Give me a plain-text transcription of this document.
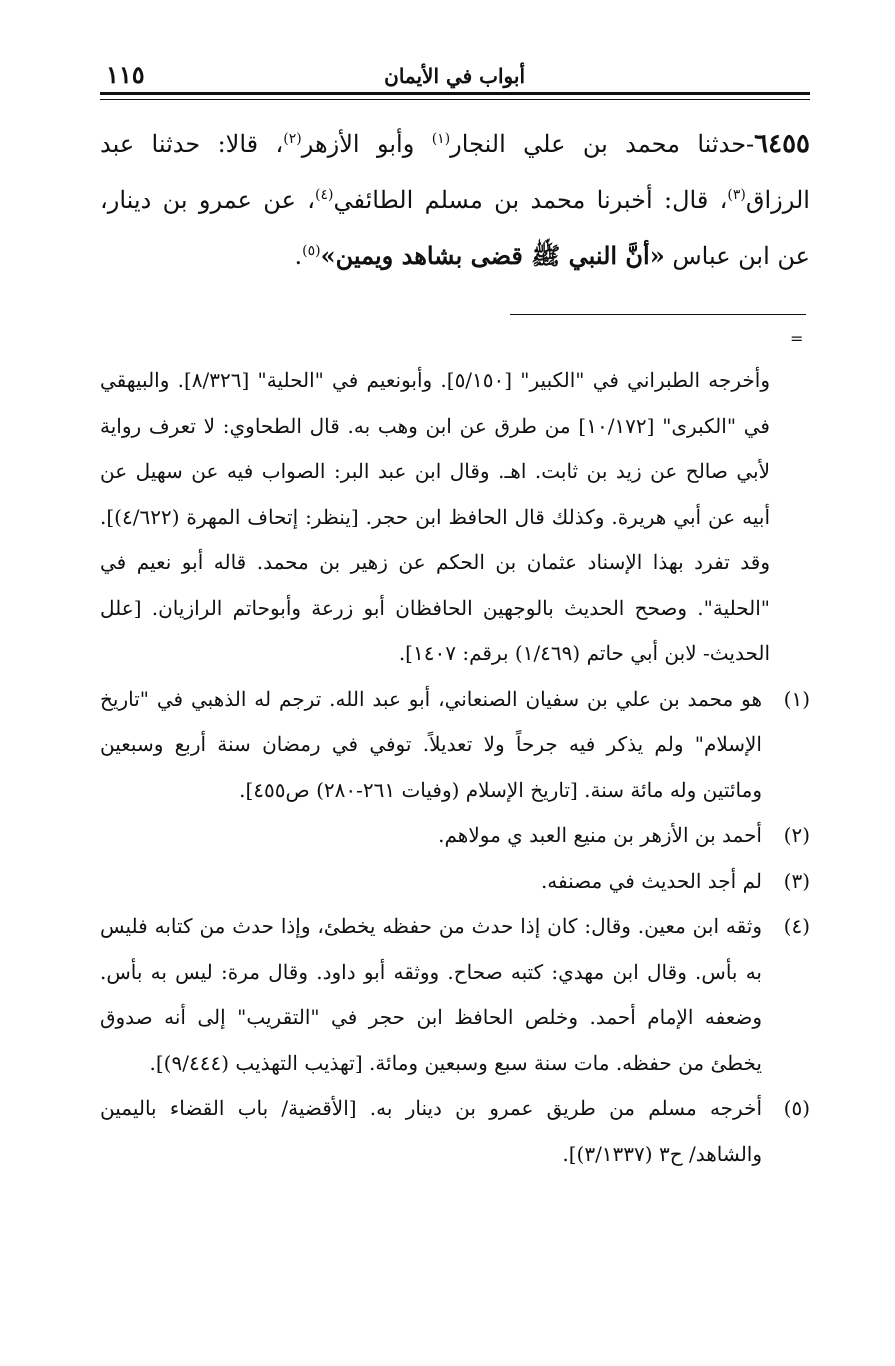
أبواب في الأيمان
١١٥
٦٤٥٥-حدثنا محمد بن علي النجار$^{(١)}$ وأبو الأزهر$^{(٢)}$، قالا: حدثنا عبد الرزاق$^{(٣)}$، قال: أخبرنا محمد بن مسلم الطائفي$^{(٤)}$، عن عمرو بن دينار، عن ابن عباس «أنَّ النبي ﷺ قضى بشاهد ويمين»$^{(٥)}$.
=

وأخرجه الطبراني في "الكبير" [٥/١٥٠]. وأبونعيم في "الحلية" [٨/٣٢٦]. والبيهقي في "الكبرى" [١٠/١٧٢] من طرق عن ابن وهب به. قال الطحاوي: لا تعرف رواية لأبي صالح عن زيد بن ثابت. اهـ. وقال ابن عبد البر: الصواب فيه عن سهيل عن أبيه عن أبي هريرة. وكذلك قال الحافظ ابن حجر. [ينظر: إتحاف المهرة (٤/٦٢٢)]. وقد تفرد بهذا الإسناد عثمان بن الحكم عن زهير بن محمد. قاله أبو نعيم في "الحلية". وصحح الحديث بالوجهين الحافظان أبو زرعة وأبوحاتم الرازيان. [علل الحديث- لابن أبي حاتم (١/٤٦٩) برقم: ١٤٠٧].

(١)
هو محمد بن علي بن سفيان الصنعاني، أبو عبد الله. ترجم له الذهبي في "تاريخ الإسلام" ولم يذكر فيه جرحاً ولا تعديلاً. توفي في رمضان سنة أربع وسبعين ومائتين وله مائة سنة. [تاريخ الإسلام (وفيات ٢٦١-٢٨٠) ص٤٥٥].
(٢)
أحمد بن الأزهر بن منيع العبد ي مولاهم.
(٣)
لم أجد الحديث في مصنفه.
(٤)
وثقه ابن معين. وقال: كان إذا حدث من حفظه يخطئ، وإذا حدث من كتابه فليس به بأس. وقال ابن مهدي: كتبه صحاح. ووثقه أبو داود. وقال مرة: ليس به بأس. وضعفه الإمام أحمد. وخلص الحافظ ابن حجر في "التقريب" إلى أنه صدوق يخطئ من حفظه. مات سنة سبع وسبعين ومائة. [تهذيب التهذيب (٩/٤٤٤)].
(٥)
أخرجه مسلم من طريق عمرو بن دينار به. [الأقضية/ باب القضاء باليمين والشاهد/ ح٣ (٣/١٣٣٧)].
